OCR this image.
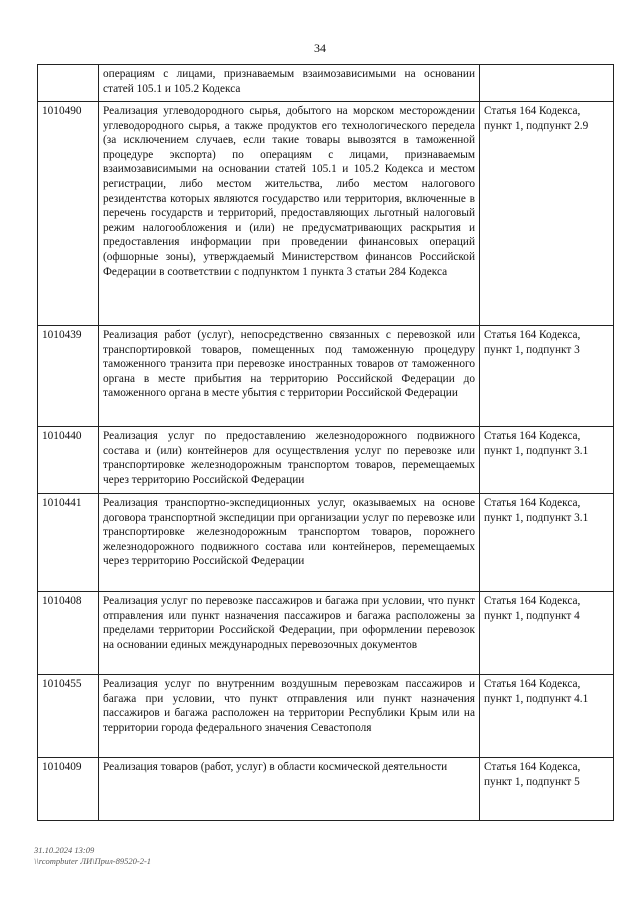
34
	операциям с лицами, признаваемым взаимозависимыми на основании статей 105.1 и 105.2 Кодекса	
1010490	Реализация углеводородного сырья, добытого на морском месторождении углеводородного сырья, а также продуктов его технологического передела (за исключением случаев, если такие товары вывозятся в таможенной процедуре экспорта) по операциям с лицами, признаваемым взаимозависимыми на основании статей 105.1 и 105.2 Кодекса и местом регистрации, либо местом жительства, либо местом налогового резидентства которых являются государство или территория, включенные в перечень государств и территорий, предоставляющих льготный налоговый режим налогообложения и (или) не предусматривающих раскрытия и предоставления информации при проведении финансовых операций (офшорные зоны), утверждаемый Министерством финансов Российской Федерации в соответствии с подпунктом 1 пункта 3 статьи 284 Кодекса	Статья 164 Кодекса, пункт 1, подпункт 2.9
1010439	Реализация работ (услуг), непосредственно связанных с перевозкой или транспортировкой товаров, помещенных под таможенную процедуру таможенного транзита при перевозке иностранных товаров от таможенного органа в месте прибытия на территорию Российской Федерации до таможенного органа в месте убытия с территории Российской Федерации	Статья 164 Кодекса, пункт 1, подпункт 3
1010440	Реализация услуг по предоставлению железнодорожного подвижного состава и (или) контейнеров для осуществления услуг по перевозке или транспортировке железнодорожным транспортом товаров, перемещаемых через территорию Российской Федерации	Статья 164 Кодекса, пункт 1, подпункт 3.1
1010441	Реализация транспортно-экспедиционных услуг, оказываемых на основе договора транспортной экспедиции при организации услуг по перевозке или транспортировке железнодорожным транспортом товаров, порожнего железнодорожного подвижного состава или контейнеров, перемещаемых через территорию Российской Федерации	Статья 164 Кодекса, пункт 1, подпункт 3.1
1010408	Реализация услуг по перевозке пассажиров и багажа при условии, что пункт отправления или пункт назначения пассажиров и багажа расположены за пределами территории Российской Федерации, при оформлении перевозок на основании единых международных перевозочных документов	Статья 164 Кодекса, пункт 1, подпункт 4
1010455	Реализация услуг по внутренним воздушным перевозкам пассажиров и багажа при условии, что пункт отправления или пункт назначения пассажиров и багажа расположен на территории Республики Крым или на территории города федерального значения Севастополя	Статья 164 Кодекса, пункт 1, подпункт 4.1
1010409	Реализация товаров (работ, услуг) в области космической деятельности	Статья 164 Кодекса, пункт 1, подпункт 5
31.10.2024 13:09
\\rcompbuter ЛИ\Прил-89520-2-1
